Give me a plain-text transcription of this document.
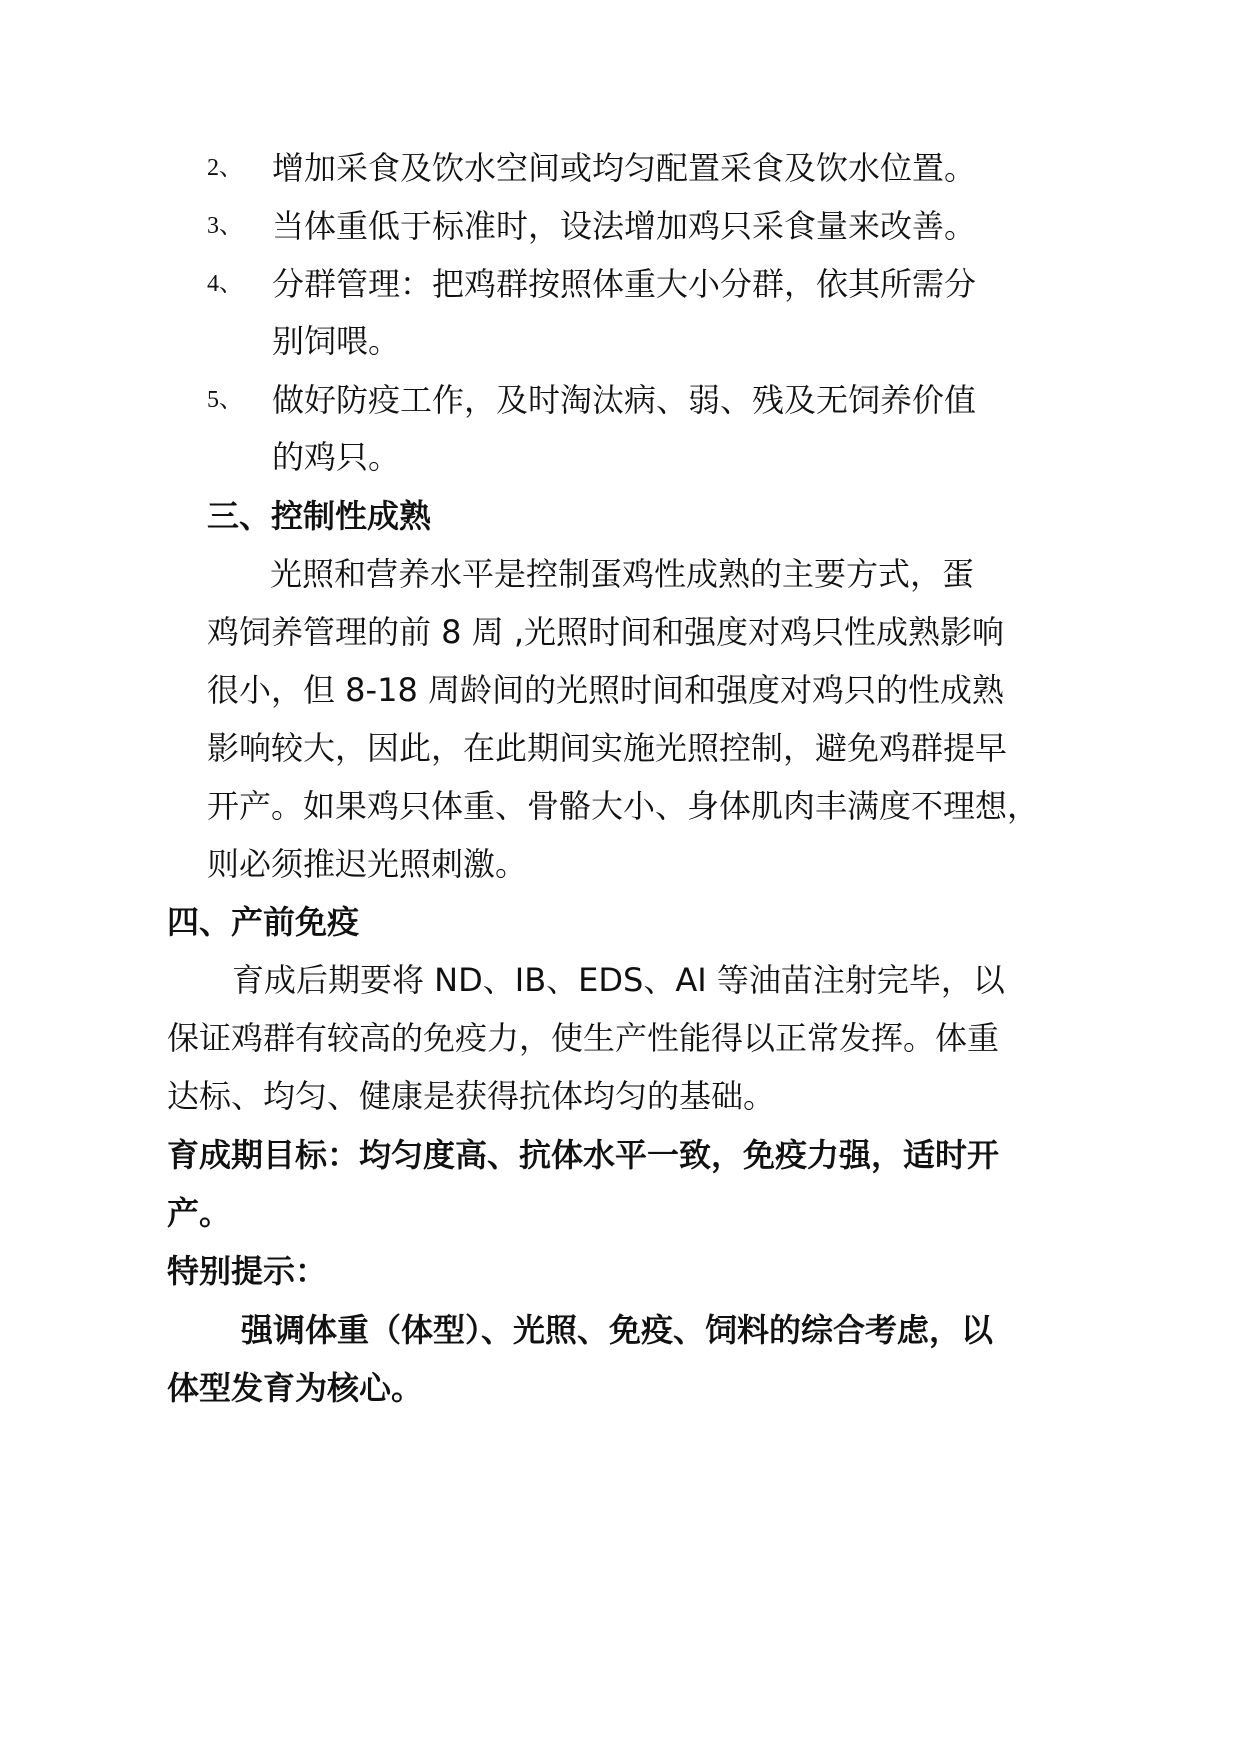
2、 增加采食及饮水空间或均匀配置采食及饮水位置。
3、 当体重低于标准时，设法增加鸡只采食量来改善。
4、 分群管理：把鸡群按照体重大小分群，依其所需分
别饲喂。
5、 做好防疫工作，及时淘汰病、弱、残及无饲养价值
的鸡只。
三、控制性成熟
光照和营养水平是控制蛋鸡性成熟的主要方式，蛋
鸡饲养管理的前 8 周 ,光照时间和强度对鸡只性成熟影响
很小，但 8-18 周龄间的光照时间和强度对鸡只的性成熟
影响较大，因此，在此期间实施光照控制，避免鸡群提早
开产。如果鸡只体重、骨骼大小、身体肌肉丰满度不理想，
则必须推迟光照刺激。
四、产前免疫
育成后期要将 ND、IB、EDS、AI 等油苗注射完毕，以
保证鸡群有较高的免疫力，使生产性能得以正常发挥。体重
达标、均匀、健康是获得抗体均匀的基础。
育成期目标：均匀度高、抗体水平一致，免疫力强，适时开
产。
特别提示：
强调体重（体型）、光照、免疫、饲料的综合考虑，以
体型发育为核心。
